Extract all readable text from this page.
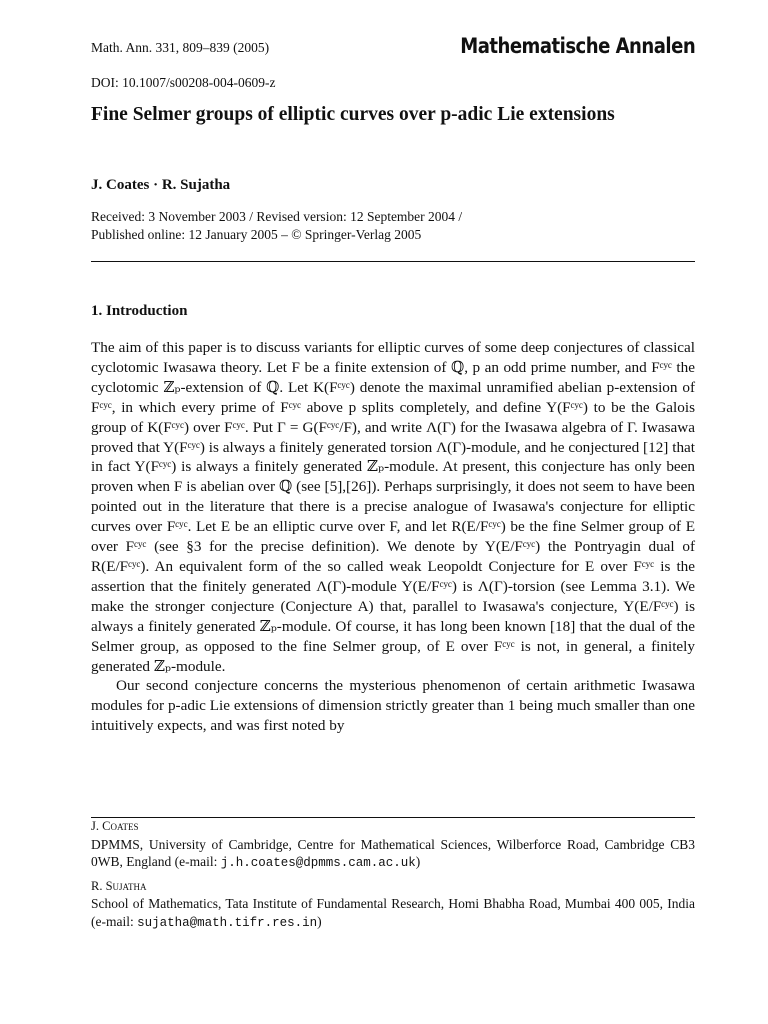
Math. Ann. 331, 809–839 (2005)	Mathematische Annalen
DOI: 10.1007/s00208-004-0609-z
Fine Selmer groups of elliptic curves over p-adic Lie extensions
J. Coates · R. Sujatha
Received: 3 November 2003 / Revised version: 12 September 2004 /
Published online: 12 January 2005 – © Springer-Verlag 2005
1. Introduction

The aim of this paper is to discuss variants for elliptic curves of some deep conjectures of classical cyclotomic Iwasawa theory. Let F be a finite extension of ℚ, p an odd prime number, and Fᶜʸᶜ the cyclotomic ℤₚ-extension of ℚ. Let K(Fᶜʸᶜ) denote the maximal unramified abelian p-extension of Fᶜʸᶜ, in which every prime of Fᶜʸᶜ above p splits completely, and define Y(Fᶜʸᶜ) to be the Galois group of K(Fᶜʸᶜ) over Fᶜʸᶜ. Put Γ = G(Fᶜʸᶜ/F), and write Λ(Γ) for the Iwasawa algebra of Γ. Iwasawa proved that Y(Fᶜʸᶜ) is always a finitely generated torsion Λ(Γ)-module, and he conjectured [12] that in fact Y(Fᶜʸᶜ) is always a finitely generated ℤₚ-module. At present, this conjecture has only been proven when F is abelian over ℚ (see [5],[26]). Perhaps surprisingly, it does not seem to have been pointed out in the literature that there is a precise analogue of Iwasawa's conjecture for elliptic curves over Fᶜʸᶜ. Let E be an elliptic curve over F, and let R(E/Fᶜʸᶜ) be the fine Selmer group of E over Fᶜʸᶜ (see §3 for the precise definition). We denote by Y(E/Fᶜʸᶜ) the Pontryagin dual of R(E/Fᶜʸᶜ). An equivalent form of the so called weak Leopoldt Conjecture for E over Fᶜʸᶜ is the assertion that the finitely generated Λ(Γ)-module Y(E/Fᶜʸᶜ) is Λ(Γ)-torsion (see Lemma 3.1). We make the stronger conjecture (Conjecture A) that, parallel to Iwasawa's conjecture, Y(E/Fᶜʸᶜ) is always a finitely generated ℤₚ-module. Of course, it has long been known [18] that the dual of the Selmer group, as opposed to the fine Selmer group, of E over Fᶜʸᶜ is not, in general, a finitely generated ℤₚ-module.

Our second conjecture concerns the mysterious phenomenon of certain arithmetic Iwasawa modules for p-adic Lie extensions of dimension strictly greater than 1 being much smaller than one intuitively expects, and was first noted by

J. Coates
DPMMS, University of Cambridge, Centre for Mathematical Sciences, Wilberforce Road, Cambridge CB3 0WB, England (e-mail: j.h.coates@dpmms.cam.ac.uk)
R. Sujatha
School of Mathematics, Tata Institute of Fundamental Research, Homi Bhabha Road, Mumbai 400 005, India (e-mail: sujatha@math.tifr.res.in)
